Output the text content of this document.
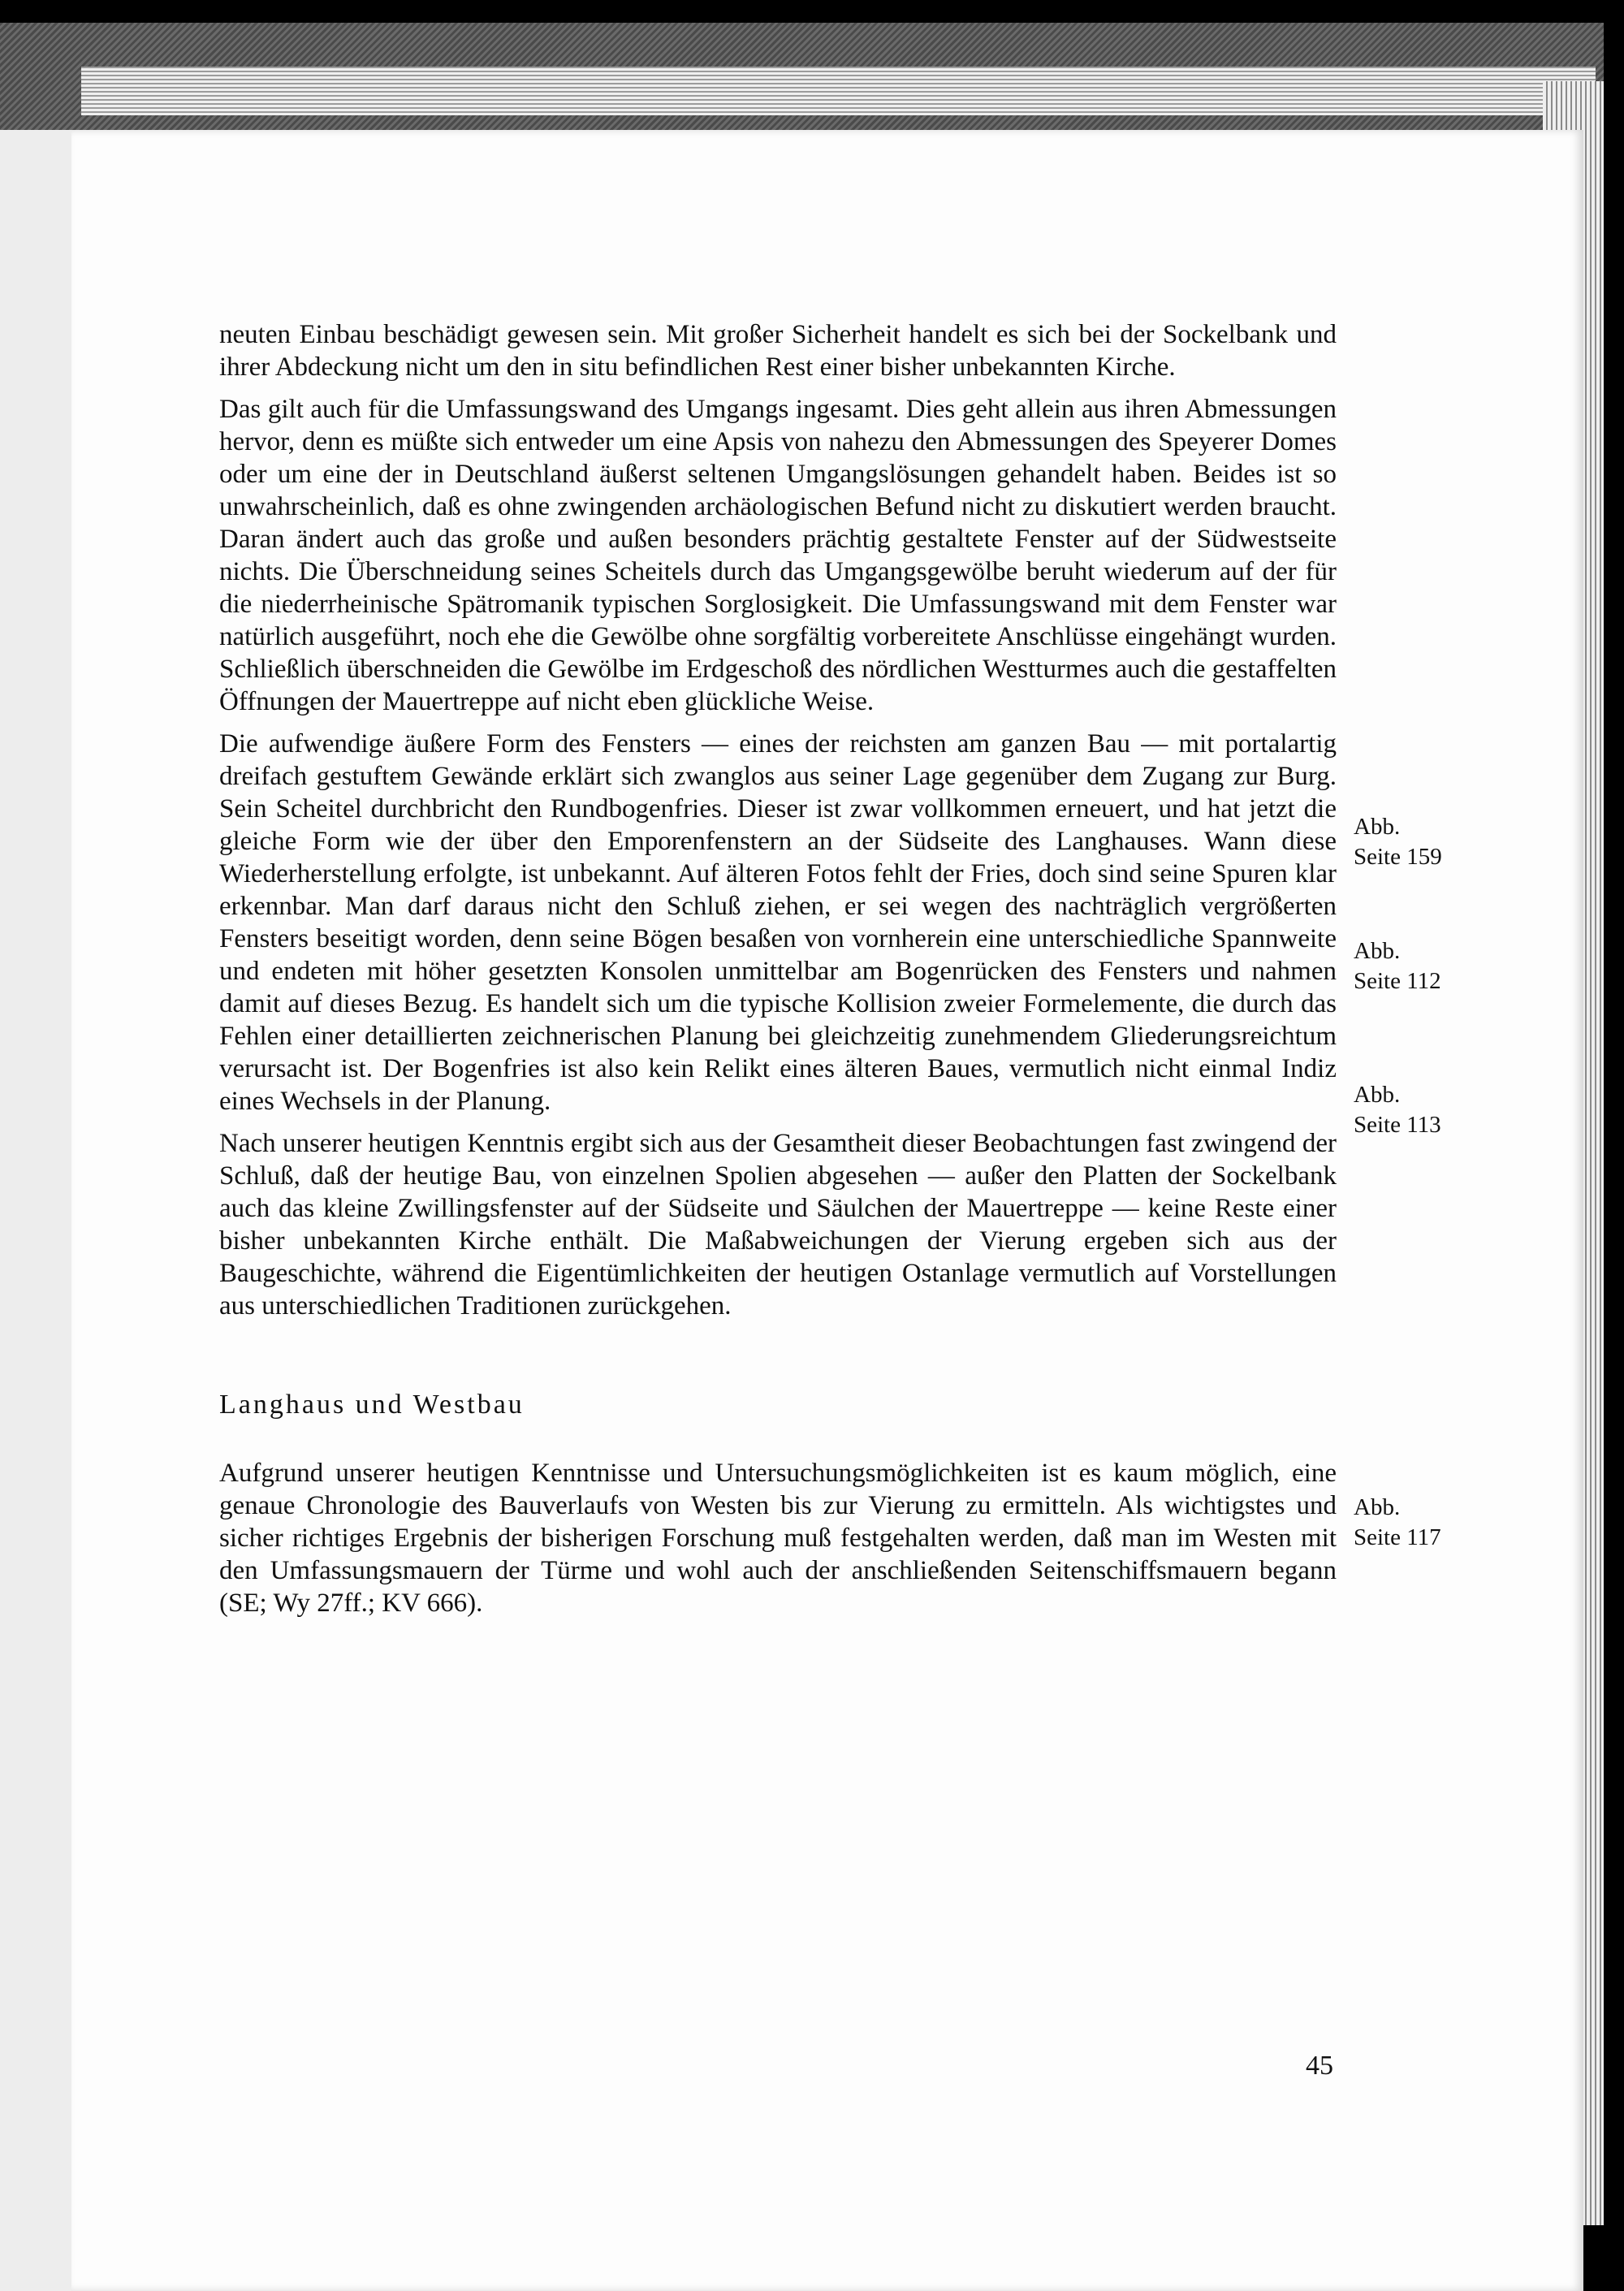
neuten Einbau beschädigt gewesen sein. Mit großer Sicherheit handelt es sich bei der Sockelbank und ihrer Abdeckung nicht um den in situ befindlichen Rest einer bisher unbekannten Kirche.

Das gilt auch für die Umfassungswand des Umgangs ingesamt. Dies geht allein aus ihren Abmessungen hervor, denn es müßte sich entweder um eine Apsis von nahezu den Abmessungen des Speyerer Domes oder um eine der in Deutschland äußerst seltenen Umgangslösungen gehandelt haben. Beides ist so unwahrscheinlich, daß es ohne zwingenden archäologischen Befund nicht zu diskutiert werden braucht. Daran ändert auch das große und außen besonders prächtig gestaltete Fenster auf der Südwestseite nichts. Die Überschneidung seines Scheitels durch das Umgangsgewölbe beruht wiederum auf der für die niederrheinische Spätromanik typischen Sorglosigkeit. Die Umfassungswand mit dem Fenster war natürlich ausgeführt, noch ehe die Gewölbe ohne sorgfältig vorbereitete Anschlüsse eingehängt wurden. Schließlich überschneiden die Gewölbe im Erdgeschoß des nördlichen Westturmes auch die gestaffelten Öffnungen der Mauertreppe auf nicht eben glückliche Weise.

Die aufwendige äußere Form des Fensters — eines der reichsten am ganzen Bau — mit portalartig dreifach gestuftem Gewände erklärt sich zwanglos aus seiner Lage gegenüber dem Zugang zur Burg. Sein Scheitel durchbricht den Rundbogenfries. Dieser ist zwar vollkommen erneuert, und hat jetzt die gleiche Form wie der über den Emporenfenstern an der Südseite des Langhauses. Wann diese Wiederherstellung erfolgte, ist unbekannt. Auf älteren Fotos fehlt der Fries, doch sind seine Spuren klar erkennbar. Man darf daraus nicht den Schluß ziehen, er sei wegen des nachträglich vergrößerten Fensters beseitigt worden, denn seine Bögen besaßen von vornherein eine unterschiedliche Spannweite und endeten mit höher gesetzten Konsolen unmittelbar am Bogenrücken des Fensters und nahmen damit auf dieses Bezug. Es handelt sich um die typische Kollision zweier Formelemente, die durch das Fehlen einer detaillierten zeichnerischen Planung bei gleichzeitig zunehmendem Gliederungsreichtum verursacht ist. Der Bogenfries ist also kein Relikt eines älteren Baues, vermutlich nicht einmal Indiz eines Wechsels in der Planung.

Nach unserer heutigen Kenntnis ergibt sich aus der Gesamtheit dieser Beobachtungen fast zwingend der Schluß, daß der heutige Bau, von einzelnen Spolien abgesehen — außer den Platten der Sockelbank auch das kleine Zwillingsfenster auf der Südseite und Säulchen der Mauertreppe — keine Reste einer bisher unbekannten Kirche enthält. Die Maßabweichungen der Vierung ergeben sich aus der Baugeschichte, während die Eigentümlichkeiten der heutigen Ostanlage vermutlich auf Vorstellungen aus unterschiedlichen Traditionen zurückgehen.

Langhaus und Westbau

Aufgrund unserer heutigen Kenntnisse und Untersuchungsmöglichkeiten ist es kaum möglich, eine genaue Chronologie des Bauverlaufs von Westen bis zur Vierung zu ermitteln. Als wichtigstes und sicher richtiges Ergebnis der bisherigen Forschung muß festgehalten werden, daß man im Westen mit den Umfassungsmauern der Türme und wohl auch der anschließenden Seitenschiffsmauern begann (SE; Wy 27ff.; KV 666).

Abb.
Seite 159
Abb.
Seite 112
Abb.
Seite 113
Abb.
Seite 117
45
